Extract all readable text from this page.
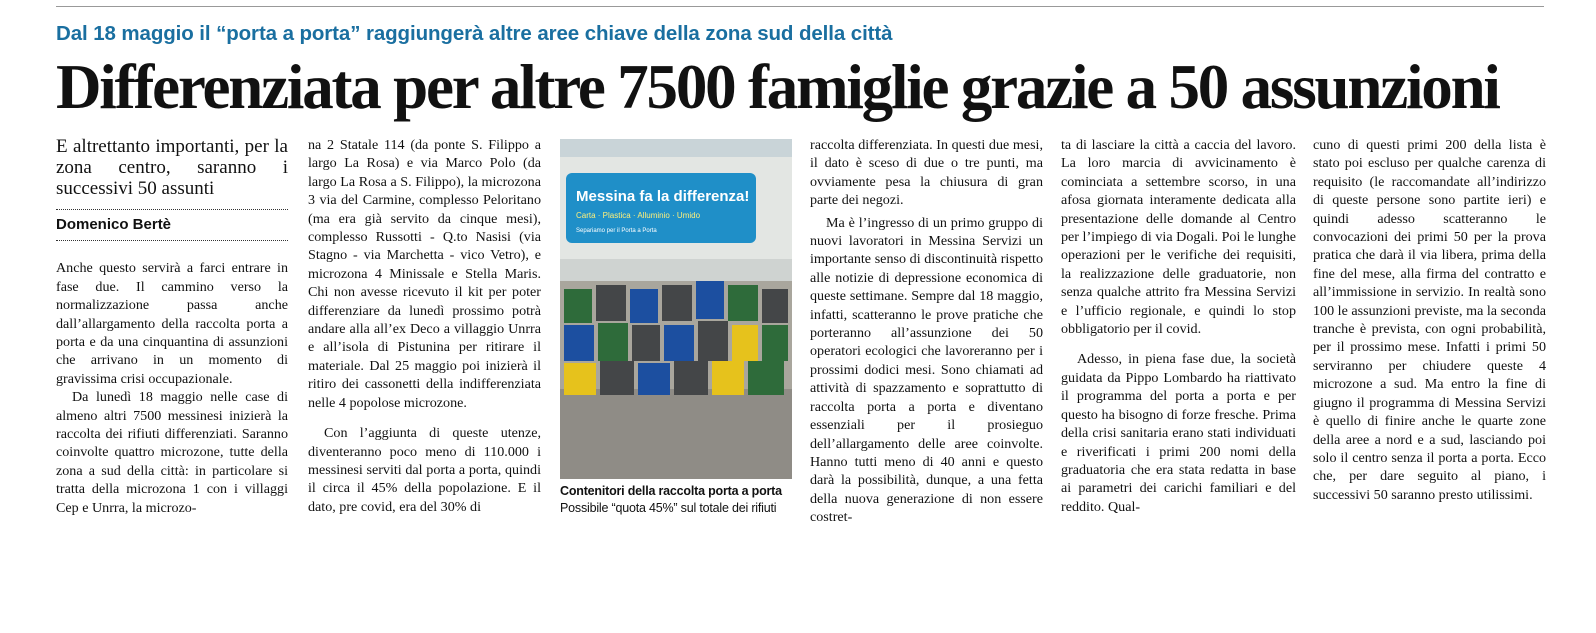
Dal 18 maggio il “porta a porta” raggiungerà altre aree chiave della zona sud della città
Differenziata per altre 7500 famiglie grazie a 50 assunzioni
E altrettanto importanti, per la zona centro, saranno i successivi 50 assunti
Domenico Bertè

Anche questo servirà a farci entrare in fase due. Il cammino verso la normalizzazione passa anche dall’allargamento della raccolta porta a porta e da una cinquantina di assunzioni che arrivano in un momento di gravissima crisi occupazionale.

Da lunedì 18 maggio nelle case di almeno altri 7500 messinesi inizierà la raccolta dei rifiuti differenziati. Saranno coinvolte quattro microzone, tutte della zona a sud della città: in particolare si tratta della microzona 1 con i villaggi Cep e Unrra, la microzo-

na 2 Statale 114 (da ponte S. Filippo a largo La Rosa) e via Marco Polo (da largo La Rosa a S. Filippo), la microzona 3 via del Carmine, complesso Peloritano (ma era già servito da cinque mesi), complesso Russotti - Q.to Nasisi (via Stagno - via Marchetta - vico Vetro), e microzona 4 Minissale e Stella Maris. Chi non avesse ricevuto il kit per poter differenziare da lunedì prossimo potrà andare alla all’ex Deco a villaggio Unrra e all’isola di Pistunina per ritirare il materiale. Dal 25 maggio poi inizierà il ritiro dei cassonetti della indifferenziata nelle 4 popolose microzone.

Con l’aggiunta di queste utenze, diventeranno poco meno di 110.000 i messinesi serviti dal porta a porta, quindi il circa il 45% della popolazione. E il dato, pre covid, era del 30% di

Messina fa la differenza!
Carta · Plastica · Alluminio · Umido
Separiamo per il Porta a Porta
Contenitori della raccolta porta a porta
Possibile “quota 45%” sul totale dei rifiuti

raccolta differenziata. In questi due mesi, il dato è sceso di due o tre punti, ma ovviamente pesa la chiusura di gran parte dei negozi.

Ma è l’ingresso di un primo gruppo di nuovi lavoratori in Messina Servizi un importante senso di discontinuità rispetto alle notizie di depressione economica di queste settimane. Sempre dal 18 maggio, infatti, scatteranno le prove pratiche che porteranno all’assunzione dei 50 operatori ecologici che lavoreranno per i prossimi dodici mesi. Sono chiamati ad attività di spazzamento e soprattutto di raccolta porta a porta e diventano essenziali per il prosieguo dell’allargamento delle aree coinvolte. Hanno tutti meno di 40 anni e questo darà la possibilità, dunque, a una fetta della nuova generazione di non essere costret-

ta di lasciare la città a caccia del lavoro. La loro marcia di avvicinamento è cominciata a settembre scorso, in una afosa giornata interamente dedicata alla presentazione delle domande al Centro per l’impiego di via Dogali. Poi le lunghe operazioni per le verifiche dei requisiti, la realizzazione delle graduatorie, non senza qualche attrito fra Messina Servizi e l’ufficio regionale, e quindi lo stop obbligatorio per il covid.

Adesso, in piena fase due, la società guidata da Pippo Lombardo ha riattivato il programma del porta a porta e per questo ha bisogno di forze fresche. Prima della crisi sanitaria erano stati individuati e riverificati i primi 200 nomi della graduatoria che era stata redatta in base ai parametri dei carichi familiari e del reddito. Qual-

cuno di questi primi 200 della lista è stato poi escluso per qualche carenza di requisito (le raccomandate all’indirizzo di queste persone sono partite ieri) e quindi adesso scatteranno le convocazioni dei primi 50 per la prova pratica che darà il via libera, prima della fine del mese, alla firma del contratto e all’immissione in servizio. In realtà sono 100 le assunzioni previste, ma la seconda tranche è prevista, con ogni probabilità, per il prossimo mese. Infatti i primi 50 serviranno per chiudere queste 4 microzone a sud. Ma entro la fine di giugno il programma di Messina Servizi è quello di finire anche le quarte zone della aree a nord e a sud, lasciando poi solo il centro senza il porta a porta. Ecco che, per dare seguito al piano, i successivi 50 saranno presto utilissimi.
